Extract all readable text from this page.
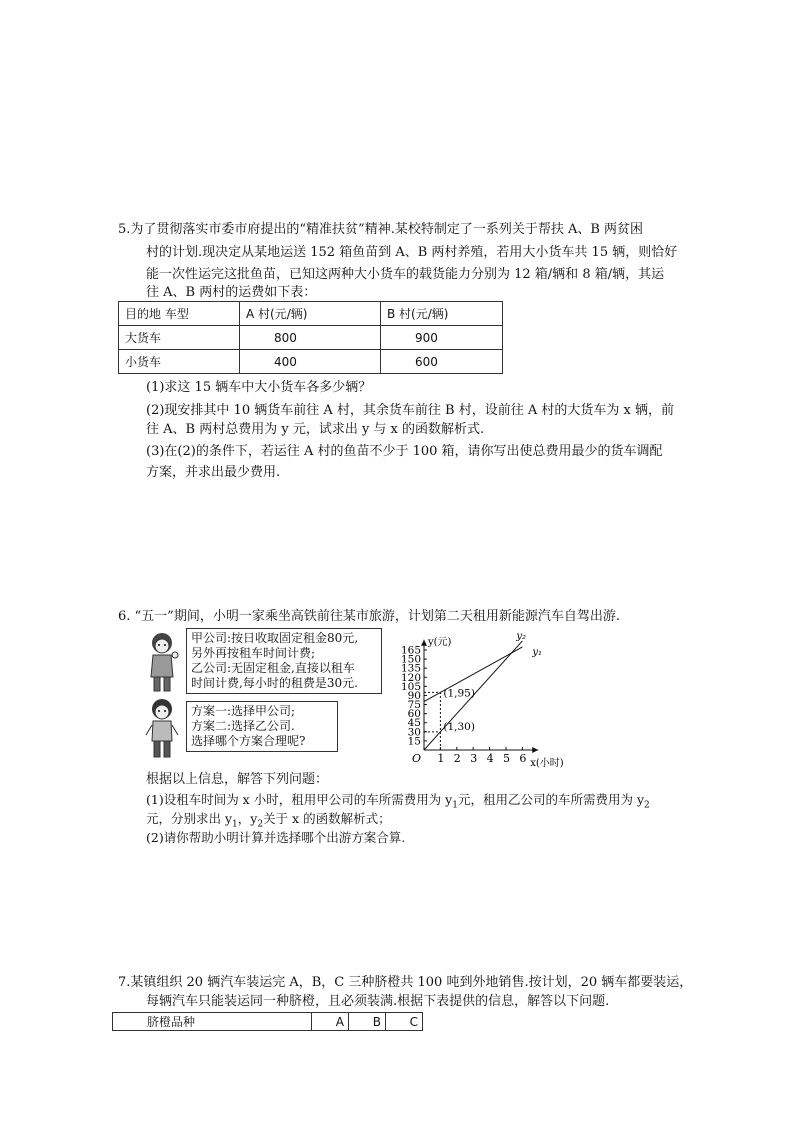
5.为了贯彻落实市委市府提出的“精准扶贫”精神.某校特制定了一系列关于帮扶 A、B 两贫困
村的计划.现决定从某地运送 152 箱鱼苗到 A、B 两村养殖，若用大小货车共 15 辆，则恰好
能一次性运完这批鱼苗，已知这两种大小货车的载货能力分别为 12 箱/辆和 8 箱/辆，其运
往 A、B 两村的运费如下表：
目的地 车型	A 村(元/辆)	B 村(元/辆)
大货车	800	900
小货车	400	600
(1)求这 15 辆车中大小货车各多少辆？
(2)现安排其中 10 辆货车前往 A 村，其余货车前往 B 村，设前往 A 村的大货车为 x 辆，前
往 A、B 两村总费用为 y 元，试求出 y 与 x 的函数解析式.
(3)在(2)的条件下，若运往 A 村的鱼苗不少于 100 箱，请你写出使总费用最少的货车调配
方案，并求出最少费用.
6. “五一”期间，小明一家乘坐高铁前往某市旅游，计划第二天租用新能源汽车自驾出游.
甲公司:按日收取固定租金80元,
另外再按租车时间计费;
乙公司:无固定租金,直接以租车
时间计费,每小时的租费是30元.
方案一:选择甲公司;
方案二:选择乙公司.
选择哪个方案合理呢?
1 2 3 4 5 6
15
30
45
60
75
90
105
120
135
150
165
y(元)
x(小时)
O
y₁
y₂
(1,95)
(1,30)
根据以上信息，解答下列问题：
(1)设租车时间为 x 小时，租用甲公司的车所需费用为 $y_1$元，租用乙公司的车所需费用为 $y_2$
元，分别求出 $y_1$，$y_2$关于 x 的函数解析式；
(2)请你帮助小明计算并选择哪个出游方案合算.
7.某镇组织 20 辆汽车装运完 A，B，C 三种脐橙共 100 吨到外地销售.按计划，20 辆车都要装运，
每辆汽车只能装运同一种脐橙，且必须装满.根据下表提供的信息，解答以下问题.
脐橙品种	A	B	C
